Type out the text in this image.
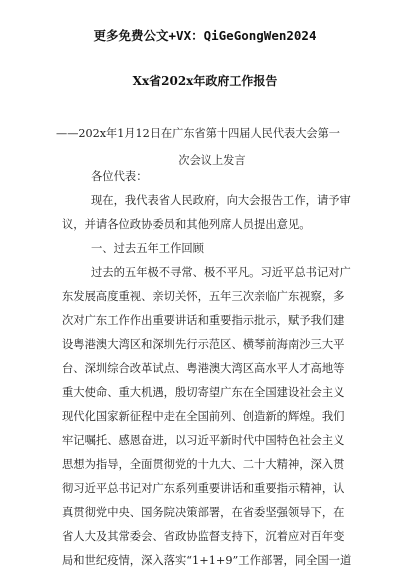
更多免费公文+VX：QiGeGongWen2024
Xx省202x年政府工作报告
——202x年1月12日在广东省第十四届人民代表大会第一
次会议上发言
各位代表：
现在，我代表省人民政府，向大会报告工作，请予审
议，并请各位政协委员和其他列席人员提出意见。
一、过去五年工作回顾
过去的五年极不寻常、极不平凡。习近平总书记对广
东发展高度重视、亲切关怀，五年三次亲临广东视察，多
次对广东工作作出重要讲话和重要指示批示，赋予我们建
设粤港澳大湾区和深圳先行示范区、横琴前海南沙三大平
台、深圳综合改革试点、粤港澳大湾区高水平人才高地等
重大使命、重大机遇，殷切寄望广东在全国建设社会主义
现代化国家新征程中走在全国前列、创造新的辉煌。我们
牢记嘱托、感恩奋进，以习近平新时代中国特色社会主义
思想为指导，全面贯彻党的十九大、二十大精神，深入贯
彻习近平总书记对广东系列重要讲话和重要指示精神，认
真贯彻党中央、国务院决策部署，在省委坚强领导下，在
省人大及其常委会、省政协监督支持下，沉着应对百年变
局和世纪疫情，深入落实“1+1+9”工作部署，同全国一道
